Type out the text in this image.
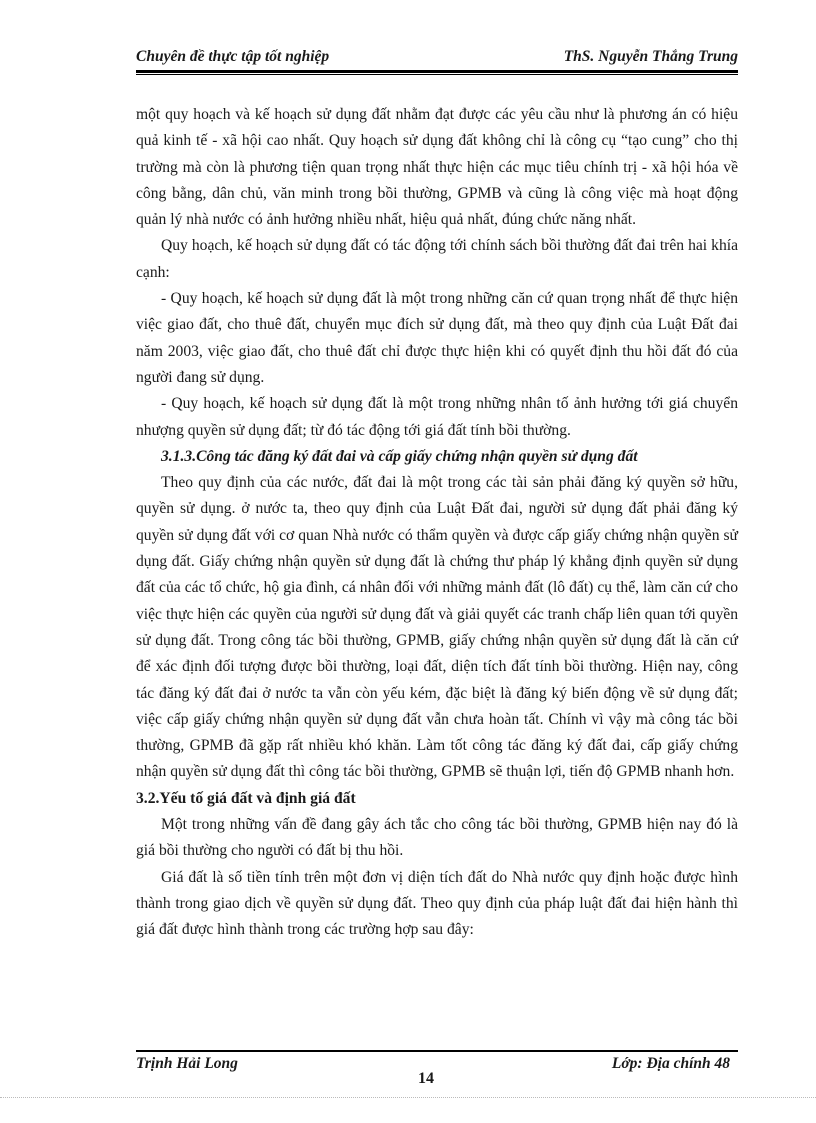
Chuyên đề thực tập tốt nghiệp	ThS. Nguyễn Thắng Trung

một quy hoạch và kế hoạch sử dụng đất nhằm đạt được các yêu cầu như là phương án có hiệu quả kinh tế - xã hội cao nhất. Quy hoạch sử dụng đất không chỉ là công cụ “tạo cung” cho thị trường mà còn là phương tiện quan trọng nhất thực hiện các mục tiêu chính trị - xã hội hóa về công bằng, dân chủ, văn minh trong bồi thường, GPMB và cũng là công việc mà hoạt động quản lý nhà nước có ảnh hưởng nhiều nhất, hiệu quả nhất, đúng chức năng nhất.

Quy hoạch, kế hoạch sử dụng đất có tác động tới chính sách bồi thường đất đai trên hai khía cạnh:

- Quy hoạch, kế hoạch sử dụng đất là một trong những căn cứ quan trọng nhất để thực hiện việc giao đất, cho thuê đất, chuyển mục đích sử dụng đất, mà theo quy định của Luật Đất đai năm 2003, việc giao đất, cho thuê đất chỉ được thực hiện khi có quyết định thu hồi đất đó của người đang sử dụng.

- Quy hoạch, kế hoạch sử dụng đất là một trong những nhân tố ảnh hưởng tới giá chuyển nhượng quyền sử dụng đất; từ đó tác động tới giá đất tính bồi thường.

3.1.3.Công tác đăng ký đất đai và cấp giấy chứng nhận quyền sử dụng đất

Theo quy định của các nước, đất đai là một trong các tài sản phải đăng ký quyền sở hữu, quyền sử dụng. ở nước ta, theo quy định của Luật Đất đai, người sử dụng đất phải đăng ký quyền sử dụng đất với cơ quan Nhà nước có thẩm quyền và được cấp giấy chứng nhận quyền sử dụng đất. Giấy chứng nhận quyền sử dụng đất là chứng thư pháp lý khẳng định quyền sử dụng đất của các tổ chức, hộ gia đình, cá nhân đối với những mảnh đất (lô đất) cụ thể, làm căn cứ cho việc thực hiện các quyền của người sử dụng đất và giải quyết các tranh chấp liên quan tới quyền sử dụng đất. Trong công tác bồi thường, GPMB, giấy chứng nhận quyền sử dụng đất là căn cứ để xác định đối tượng được bồi thường, loại đất, diện tích đất tính bồi thường. Hiện nay, công tác đăng ký đất đai ở nước ta vẫn còn yếu kém, đặc biệt là đăng ký biến động về sử dụng đất; việc cấp giấy chứng nhận quyền sử dụng đất vẫn chưa hoàn tất. Chính vì vậy mà công tác bồi thường, GPMB đã gặp rất nhiều khó khăn. Làm tốt công tác đăng ký đất đai, cấp giấy chứng nhận quyền sử dụng đất thì công tác bồi thường, GPMB sẽ thuận lợi, tiến độ GPMB nhanh hơn.

3.2.Yếu tố giá đất và định giá đất

Một trong những vấn đề đang gây ách tắc cho công tác bồi thường, GPMB hiện nay đó là giá bồi thường cho người có đất bị thu hồi.

Giá đất là số tiền tính trên một đơn vị diện tích đất do Nhà nước quy định hoặc được hình thành trong giao dịch về quyền sử dụng đất. Theo quy định của pháp luật đất đai hiện hành thì giá đất được hình thành trong các trường hợp sau đây:

Trịnh Hải Long	Lớp: Địa chính 48
14
